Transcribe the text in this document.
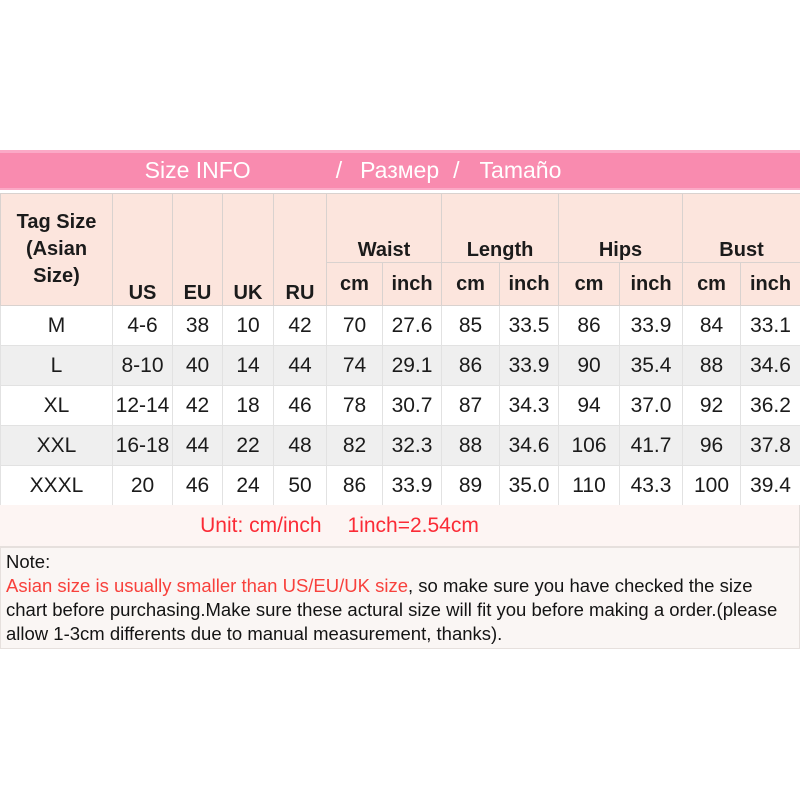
Size INFO	/ Размер / Tamaño
Tag Size
(Asian
Size)	US	EU	UK	RU	Waist		Length		Hips		Bust	
					cm	inch	cm	inch	cm	inch	cm	inch
M	4-6	38	10	42	70	27.6	85	33.5	86	33.9	84	33.1
L	8-10	40	14	44	74	29.1	86	33.9	90	35.4	88	34.6
XL	12-14	42	18	46	78	30.7	87	34.3	94	37.0	92	36.2
XXL	16-18	44	22	48	82	32.3	88	34.6	106	41.7	96	37.8
XXXL	20	46	24	50	86	33.9	89	35.0	110	43.3	100	39.4
Unit: cm/inch 1inch=2.54cm
Note:
Asian size is usually smaller than US/EU/UK size, so make sure you have checked the size chart before purchasing.Make sure these actural size will fit you before making a order.(please allow 1-3cm differents due to manual measurement, thanks).
